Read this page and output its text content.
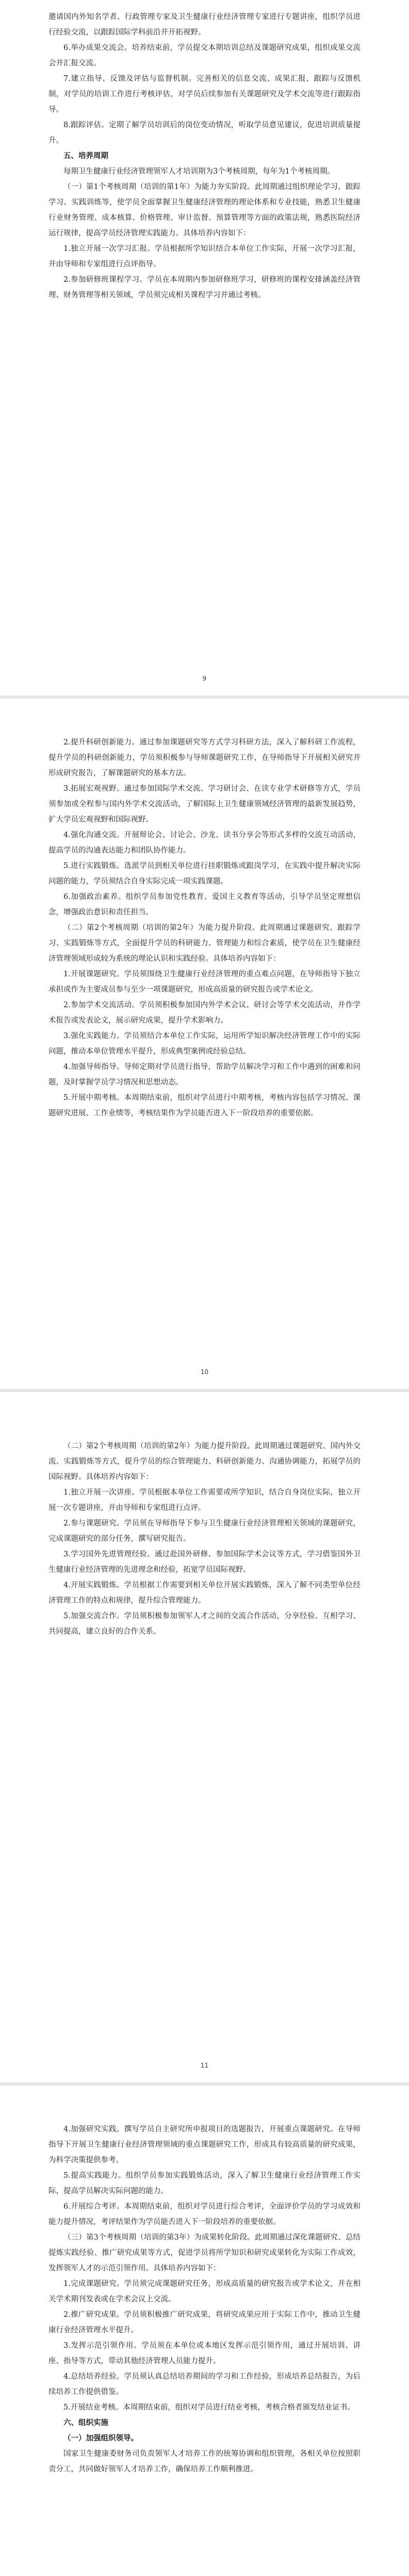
邀请国内外知名学者、行政管理专家及卫生健康行业经济管理专家进行专题讲座，组织学员进行经验交流，以跟踪国际学科前沿并开拓视野。

6.举办成果交流会。培养结束前，学员提交本期培训总结及课题研究成果，组织成果交流会并汇报交流。

7.建立指导、反馈及评估与监督机制。完善相关的信息交流、成果汇报、跟踪与反馈机制，对学员的培训工作进行考核评估，对学员后续参加有关课题研究及学术交流等进行跟踪指导。

8.跟踪评估。定期了解学员培训后的岗位变动情况，听取学员意见建议，促进培训质量提升。

五、培养周期

每期卫生健康行业经济管理领军人才培训期为3个考核周期，每年为1个考核周期。

（一）第1个考核周期（培训的第1年）为能力夯实阶段。此周期通过组织理论学习、跟踪学习、实践训练等，使学员全面掌握卫生健康经济管理的理论体系和专业技能，熟悉卫生健康行业财务管理、成本核算、价格管理、审计监督、预算管理等方面的政策法规，熟悉医院经济运行规律，提高学员经济管理实践能力。具体培养内容如下：

1.独立开展一次学习汇报。学员根据所学知识结合本单位工作实际，开展一次学习汇报，并由导师和专家组进行点评指导。

2.参加研修班课程学习。学员在本周期内参加研修班学习，研修班的课程安排涵盖经济管理、财务管理等相关领域，学员须完成相关课程学习并通过考核。

9

2.提升科研创新能力。通过参加课题研究等方式学习科研方法，深入了解科研工作流程，提升学员的科研创新能力，学员须积极参与导师课题研究工作，在导师指导下开展相关研究并形成研究报告，了解课题研究的基本方法。

3.拓展宏观视野。通过参加国际学术交流、学习研讨会、在读专业学术研修等方式，学员须参加或全程参与国内外学术交流活动，了解国际上卫生健康领域经济管理的最新发展趋势，扩大学员宏观视野和国际视野。

4.强化沟通交流。开展辩论会、讨论会、沙龙、读书分享会等形式多样的交流互动活动，提高学员的沟通表达能力和团队协作能力。

5.进行实践锻炼。选派学员到相关单位进行挂职锻炼或跟岗学习，在实践中提升解决实际问题的能力，学员须结合自身实际完成一项实践课题。

6.加强政治素养。组织学员参加党性教育、爱国主义教育等活动，引导学员坚定理想信念，增强政治意识和责任担当。

（二）第2个考核周期（培训的第2年）为能力提升阶段。此周期通过课题研究、跟踪学习、实践锻炼等方式，全面提升学员的科研能力、管理能力和综合素质，使学员在卫生健康经济管理领域形成较为系统的理论认识和实践经验。具体培养内容如下：

1.开展课题研究。学员须围绕卫生健康行业经济管理的重点难点问题，在导师指导下独立承担或作为主要成员参与至少一项课题研究，形成高质量的研究报告或学术论文。

2.参加学术交流活动。学员须积极参加国内外学术会议、研讨会等学术交流活动，并作学术报告或发表论文，展示研究成果，提升学术影响力。

3.强化实践能力。学员须结合本单位工作实际，运用所学知识解决经济管理工作中的实际问题，推动本单位管理水平提升，形成典型案例或经验总结。

4.加强导师指导。导师定期对学员进行指导，帮助学员解决学习和工作中遇到的困难和问题，及时掌握学员学习情况和思想动态。

5.开展中期考核。本周期结束前，组织对学员进行中期考核，考核内容包括学习情况、课题研究进展、工作业绩等，考核结果作为学员能否进入下一阶段培养的重要依据。

10

（二）第2个考核周期（培训的第2年）为能力提升阶段。此周期通过课题研究、国内外交流、实践锻炼等方式，提升学员的综合管理能力、科研创新能力、沟通协调能力，拓展学员的国际视野。具体培养内容如下：

1.独立开展一次讲座。学员根据本单位工作需要或所学知识，结合自身岗位实际，独立开展一次专题讲座，并由导师和专家组进行点评。

2.参与课题研究。学员须在导师指导下参与卫生健康行业经济管理相关领域的课题研究，完成课题研究的部分任务，撰写研究报告。

3.学习国外先进管理经验。通过赴国外研修、参加国际学术会议等方式，学习借鉴国外卫生健康行业经济管理的先进理念和经验，拓宽学员国际视野。

4.开展实践锻炼。学员根据工作需要到相关单位开展实践锻炼，深入了解不同类型单位经济管理工作的特点和规律，提升综合管理能力。

5.加强交流合作。学员须积极参加领军人才之间的交流合作活动，分享经验、互相学习、共同提高，建立良好的合作关系。

11

4.加强研究实践。撰写学员自主研究所申报项目的选题报告，开展重点课题研究。在导师指导下开展卫生健康行业经济管理领域的重点课题研究工作，形成具有较高质量的研究成果，为科学决策提供参考。

5.提高实践能力。组织学员参加实践锻炼活动，深入了解卫生健康行业经济管理工作实际，提高学员解决实际问题的能力。

6.开展综合考评。本周期结束前，组织对学员进行综合考评，全面评价学员的学习成效和能力提升情况，考评结果作为学员能否进入下一阶段培养的重要依据。

（三）第3个考核周期（培训的第3年）为成果转化阶段。此周期通过深化课题研究、总结提炼实践经验、推广研究成果等方式，促进学员将所学知识和研究成果转化为实际工作成效，发挥领军人才的示范引领作用。具体培养内容如下：

1.完成课题研究。学员须完成课题研究任务，形成高质量的研究报告或学术论文，并在相关学术期刊发表或在学术会议上交流。

2.推广研究成果。学员须积极推广研究成果，将研究成果应用于实际工作中，推动卫生健康行业经济管理水平提升。

3.发挥示范引领作用。学员须在本单位或本地区发挥示范引领作用，通过开展培训、讲座、指导等方式，带动其他经济管理人员能力提升。

4.总结培养经验。学员须认真总结培养期间的学习和工作经验，形成培养总结报告，为后续培养工作提供借鉴。

5.开展结业考核。本周期结束前，组织对学员进行结业考核，考核合格者颁发结业证书。

六、组织实施

（一）加强组织领导。

国家卫生健康委财务司负责领军人才培养工作的统筹协调和组织管理，各相关单位按照职责分工，共同做好领军人才培养工作，确保培养工作顺利推进。
